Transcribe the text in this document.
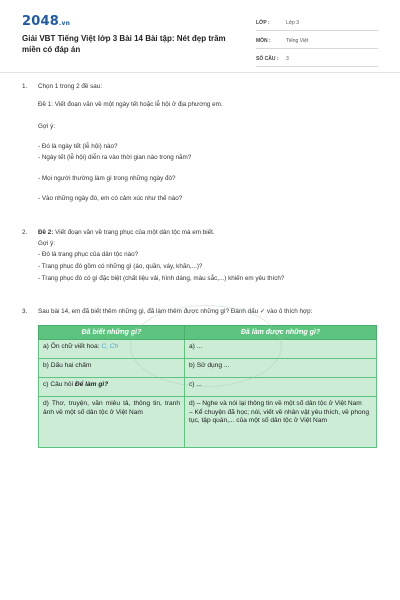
2048.vn
Giải VBT Tiếng Việt lớp 3 Bài 14 Bài tập: Nét đẹp trăm
miền có đáp án
LỚP :	Lớp 3
MÔN :	Tiếng Việt
SỐ CÂU :	3
1. Chọn 1 trong 2 đề sau:
Đề 1: Viết đoạn văn về một ngày tết hoặc lễ hội ở địa phương em.
Gợi ý:
- Đó là ngày tết (lễ hội) nào?
- Ngày tết (lễ hội) diễn ra vào thời gian nào trong năm?
- Mọi người thường làm gì trong những ngày đó?
- Vào những ngày đó, em có cảm xúc như thế nào?
2. Đề 2: Viết đoạn văn về trang phục của một dân tộc mà em biết.
Gợi ý:
- Đó là trang phục của dân tộc nào?
- Trang phục đó gồm có những gì (áo, quần, váy, khăn,...)?
- Trang phục đó có gì đặc biệt (chất liệu vải, hình dáng, màu sắc,...) khiến em yêu thích?
3. Sau bài 14, em đã biết thêm những gì, đã làm thêm được những gì? Đánh dấu ✓ vào ô thích hợp:
Đã biết những gì?	Đã làm được những gì?
a) Ôn chữ viết hoa: C, Ch	a) ...
b) Dấu hai chấm	b) Sử dụng ...
c) Câu hỏi Để làm gì?	c) ...
d) Thơ, truyện, văn miêu tả, thông tin, tranh ảnh về một số dân tộc ở Việt Nam	d) – Nghe và nói lại thông tin về một số dân tộc ở Việt Nam
– Kể chuyện đã học; nói, viết về nhân vật yêu thích, về phong tục, tập quán,... của một số dân tộc ở Việt Nam
